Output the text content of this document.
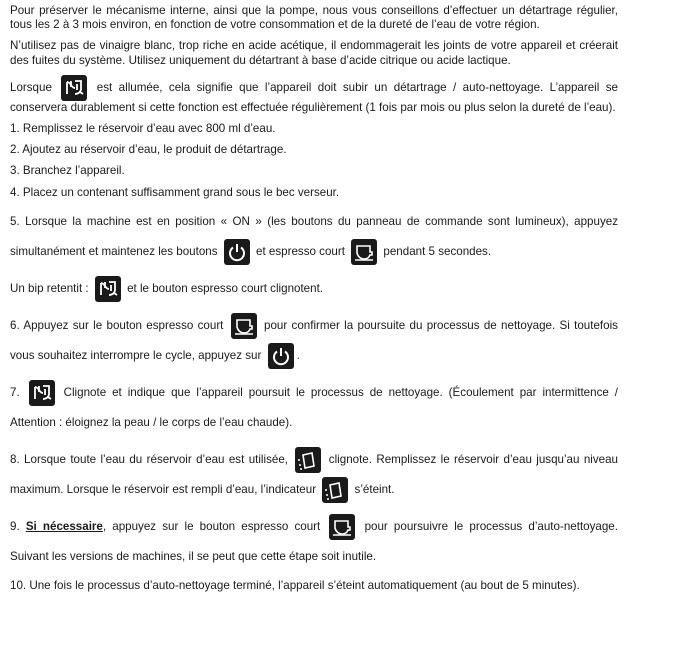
Pour préserver le mécanisme interne, ainsi que la pompe, nous vous conseillons d’effectuer un détartrage régulier, tous les 2 à 3 mois environ, en fonction de votre consommation et de la dureté de l’eau de votre région.

N’utilisez pas de vinaigre blanc, trop riche en acide acétique, il endommagerait les joints de votre appareil et créerait des fuites du système. Utilisez uniquement du détartrant à base d’acide citrique ou acide lactique.

Lorsque	est allumée, cela signifie que l’appareil doit subir un détartrage / auto-nettoyage. L’appareil se conservera durablement si cette fonction est effectuée régulièrement (1 fois par mois ou plus selon la dureté de l’eau).

1. Remplissez le réservoir d’eau avec 800 ml d’eau.

2. Ajoutez au réservoir d’eau, le produit de détartrage.

3. Branchez l’appareil.

4. Placez un contenant suffisamment grand sous le bec verseur.

5. Lorsque la machine est en position « ON » (les boutons du panneau de commande sont lumineux), appuyez simultanément et maintenez les boutons	et espresso court	pendant 5 secondes.

Un bip retentit :	et le bouton espresso court clignotent.

6. Appuyez sur le bouton espresso court	pour confirmer la poursuite du processus de nettoyage. Si toutefois vous souhaitez interrompre le cycle, appuyez sur	.

7.	Clignote et indique que l’appareil poursuit le processus de nettoyage. (Écoulement par intermittence / Attention : éloignez la peau / le corps de l’eau chaude).

8. Lorsque toute l’eau du réservoir d’eau est utilisée,	clignote. Remplissez le réservoir d’eau jusqu’au niveau maximum. Lorsque le réservoir est rempli d’eau, l’indicateur	s’éteint.

9. Si nécessaire, appuyez sur le bouton espresso court	pour poursuivre le processus d’auto-nettoyage. Suivant les versions de machines, il se peut que cette étape soit inutile.

10. Une fois le processus d’auto-nettoyage terminé, l’appareil s’éteint automatiquement (au bout de 5 minutes).
